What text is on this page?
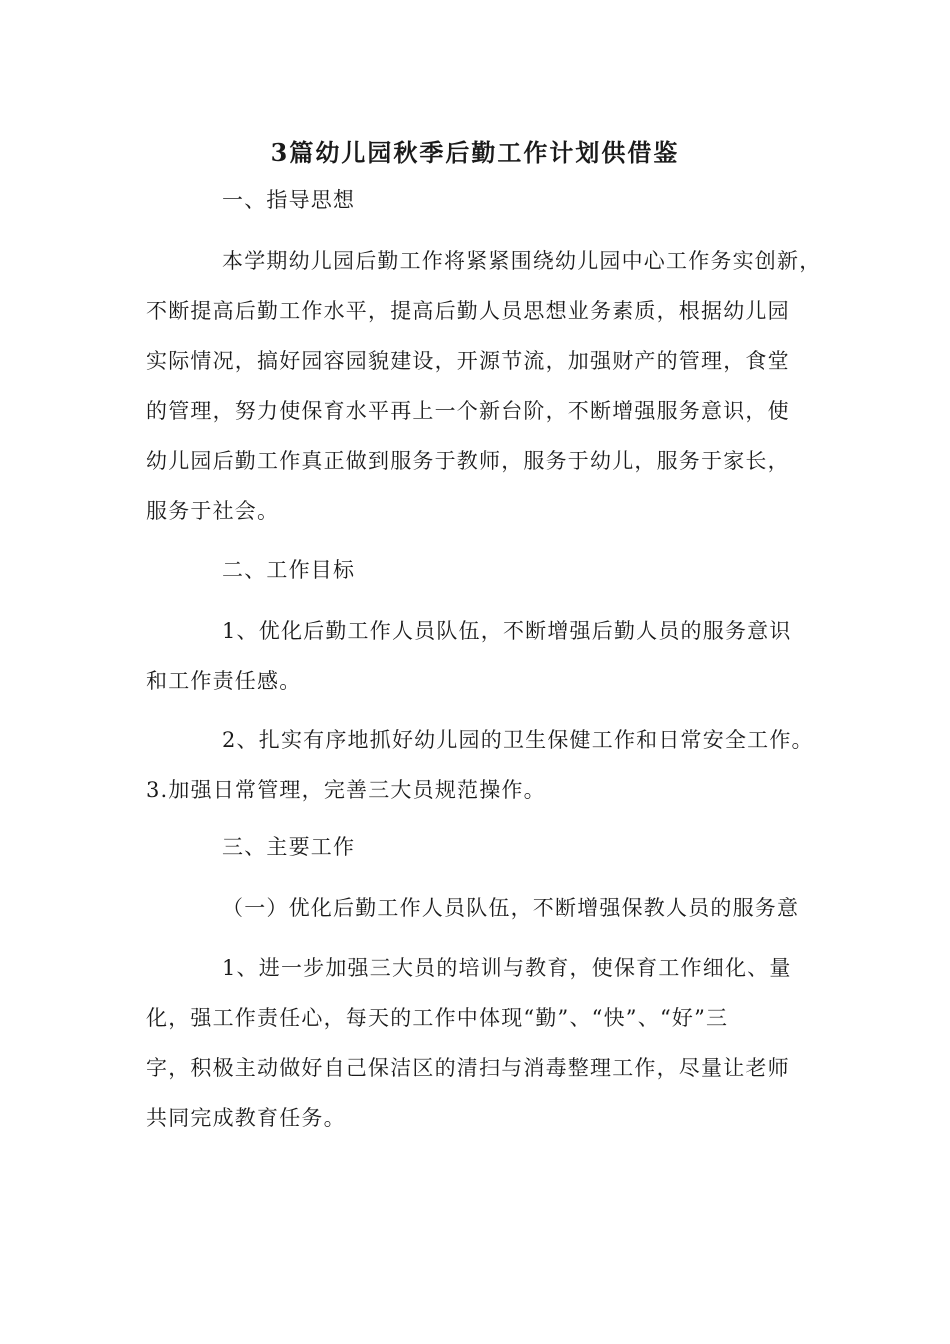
3篇幼儿园秋季后勤工作计划供借鉴
一、指导思想
本学期幼儿园后勤工作将紧紧围绕幼儿园中心工作务实创新，
不断提高后勤工作水平，提高后勤人员思想业务素质，根据幼儿园
实际情况，搞好园容园貌建设，开源节流，加强财产的管理，食堂
的管理，努力使保育水平再上一个新台阶，不断增强服务意识，使
幼儿园后勤工作真正做到服务于教师，服务于幼儿，服务于家长，
服务于社会。
二、工作目标
1、优化后勤工作人员队伍，不断增强后勤人员的服务意识
和工作责任感。
2、扎实有序地抓好幼儿园的卫生保健工作和日常安全工作。
3.加强日常管理，完善三大员规范操作。
三、主要工作
（一）优化后勤工作人员队伍，不断增强保教人员的服务意
1、进一步加强三大员的培训与教育，使保育工作细化、量
化，强工作责任心，每天的工作中体现“勤”、“快”、“好”三
字，积极主动做好自己保洁区的清扫与消毒整理工作，尽量让老师
共同完成教育任务。
